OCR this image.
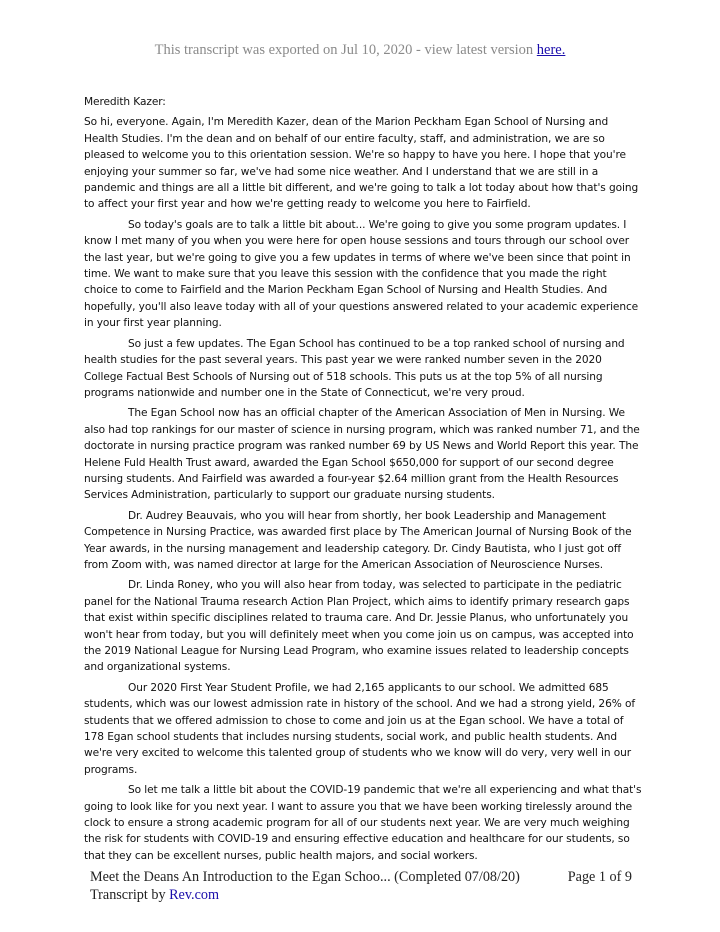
This transcript was exported on Jul 10, 2020 - view latest version here.

Meredith Kazer:

So hi, everyone. Again, I'm Meredith Kazer, dean of the Marion Peckham Egan School of Nursing and Health Studies. I'm the dean and on behalf of our entire faculty, staff, and administration, we are so pleased to welcome you to this orientation session. We're so happy to have you here. I hope that you're enjoying your summer so far, we've had some nice weather. And I understand that we are still in a pandemic and things are all a little bit different, and we're going to talk a lot today about how that's going to affect your first year and how we're getting ready to welcome you here to Fairfield.

So today's goals are to talk a little bit about... We're going to give you some program updates. I know I met many of you when you were here for open house sessions and tours through our school over the last year, but we're going to give you a few updates in terms of where we've been since that point in time. We want to make sure that you leave this session with the confidence that you made the right choice to come to Fairfield and the Marion Peckham Egan School of Nursing and Health Studies. And hopefully, you'll also leave today with all of your questions answered related to your academic experience in your first year planning.

So just a few updates. The Egan School has continued to be a top ranked school of nursing and health studies for the past several years. This past year we were ranked number seven in the 2020 College Factual Best Schools of Nursing out of 518 schools. This puts us at the top 5% of all nursing programs nationwide and number one in the State of Connecticut, we're very proud.

The Egan School now has an official chapter of the American Association of Men in Nursing. We also had top rankings for our master of science in nursing program, which was ranked number 71, and the doctorate in nursing practice program was ranked number 69 by US News and World Report this year. The Helene Fuld Health Trust award, awarded the Egan School $650,000 for support of our second degree nursing students. And Fairfield was awarded a four-year $2.64 million grant from the Health Resources Services Administration, particularly to support our graduate nursing students.

Dr. Audrey Beauvais, who you will hear from shortly, her book Leadership and Management Competence in Nursing Practice, was awarded first place by The American Journal of Nursing Book of the Year awards, in the nursing management and leadership category. Dr. Cindy Bautista, who I just got off from Zoom with, was named director at large for the American Association of Neuroscience Nurses.

Dr. Linda Roney, who you will also hear from today, was selected to participate in the pediatric panel for the National Trauma research Action Plan Project, which aims to identify primary research gaps that exist within specific disciplines related to trauma care. And Dr. Jessie Planus, who unfortunately you won't hear from today, but you will definitely meet when you come join us on campus, was accepted into the 2019 National League for Nursing Lead Program, who examine issues related to leadership concepts and organizational systems.

Our 2020 First Year Student Profile, we had 2,165 applicants to our school. We admitted 685 students, which was our lowest admission rate in history of the school. And we had a strong yield, 26% of students that we offered admission to chose to come and join us at the Egan school. We have a total of 178 Egan school students that includes nursing students, social work, and public health students. And we're very excited to welcome this talented group of students who we know will do very, very well in our programs.

So let me talk a little bit about the COVID-19 pandemic that we're all experiencing and what that's going to look like for you next year. I want to assure you that we have been working tirelessly around the clock to ensure a strong academic program for all of our students next year. We are very much weighing the risk for students with COVID-19 and ensuring effective education and healthcare for our students, so that they can be excellent nurses, public health majors, and social workers.

Meet the Deans An Introduction to the Egan Schoo... (Completed 07/08/20)	Page 1 of 9
Transcript by Rev.com
